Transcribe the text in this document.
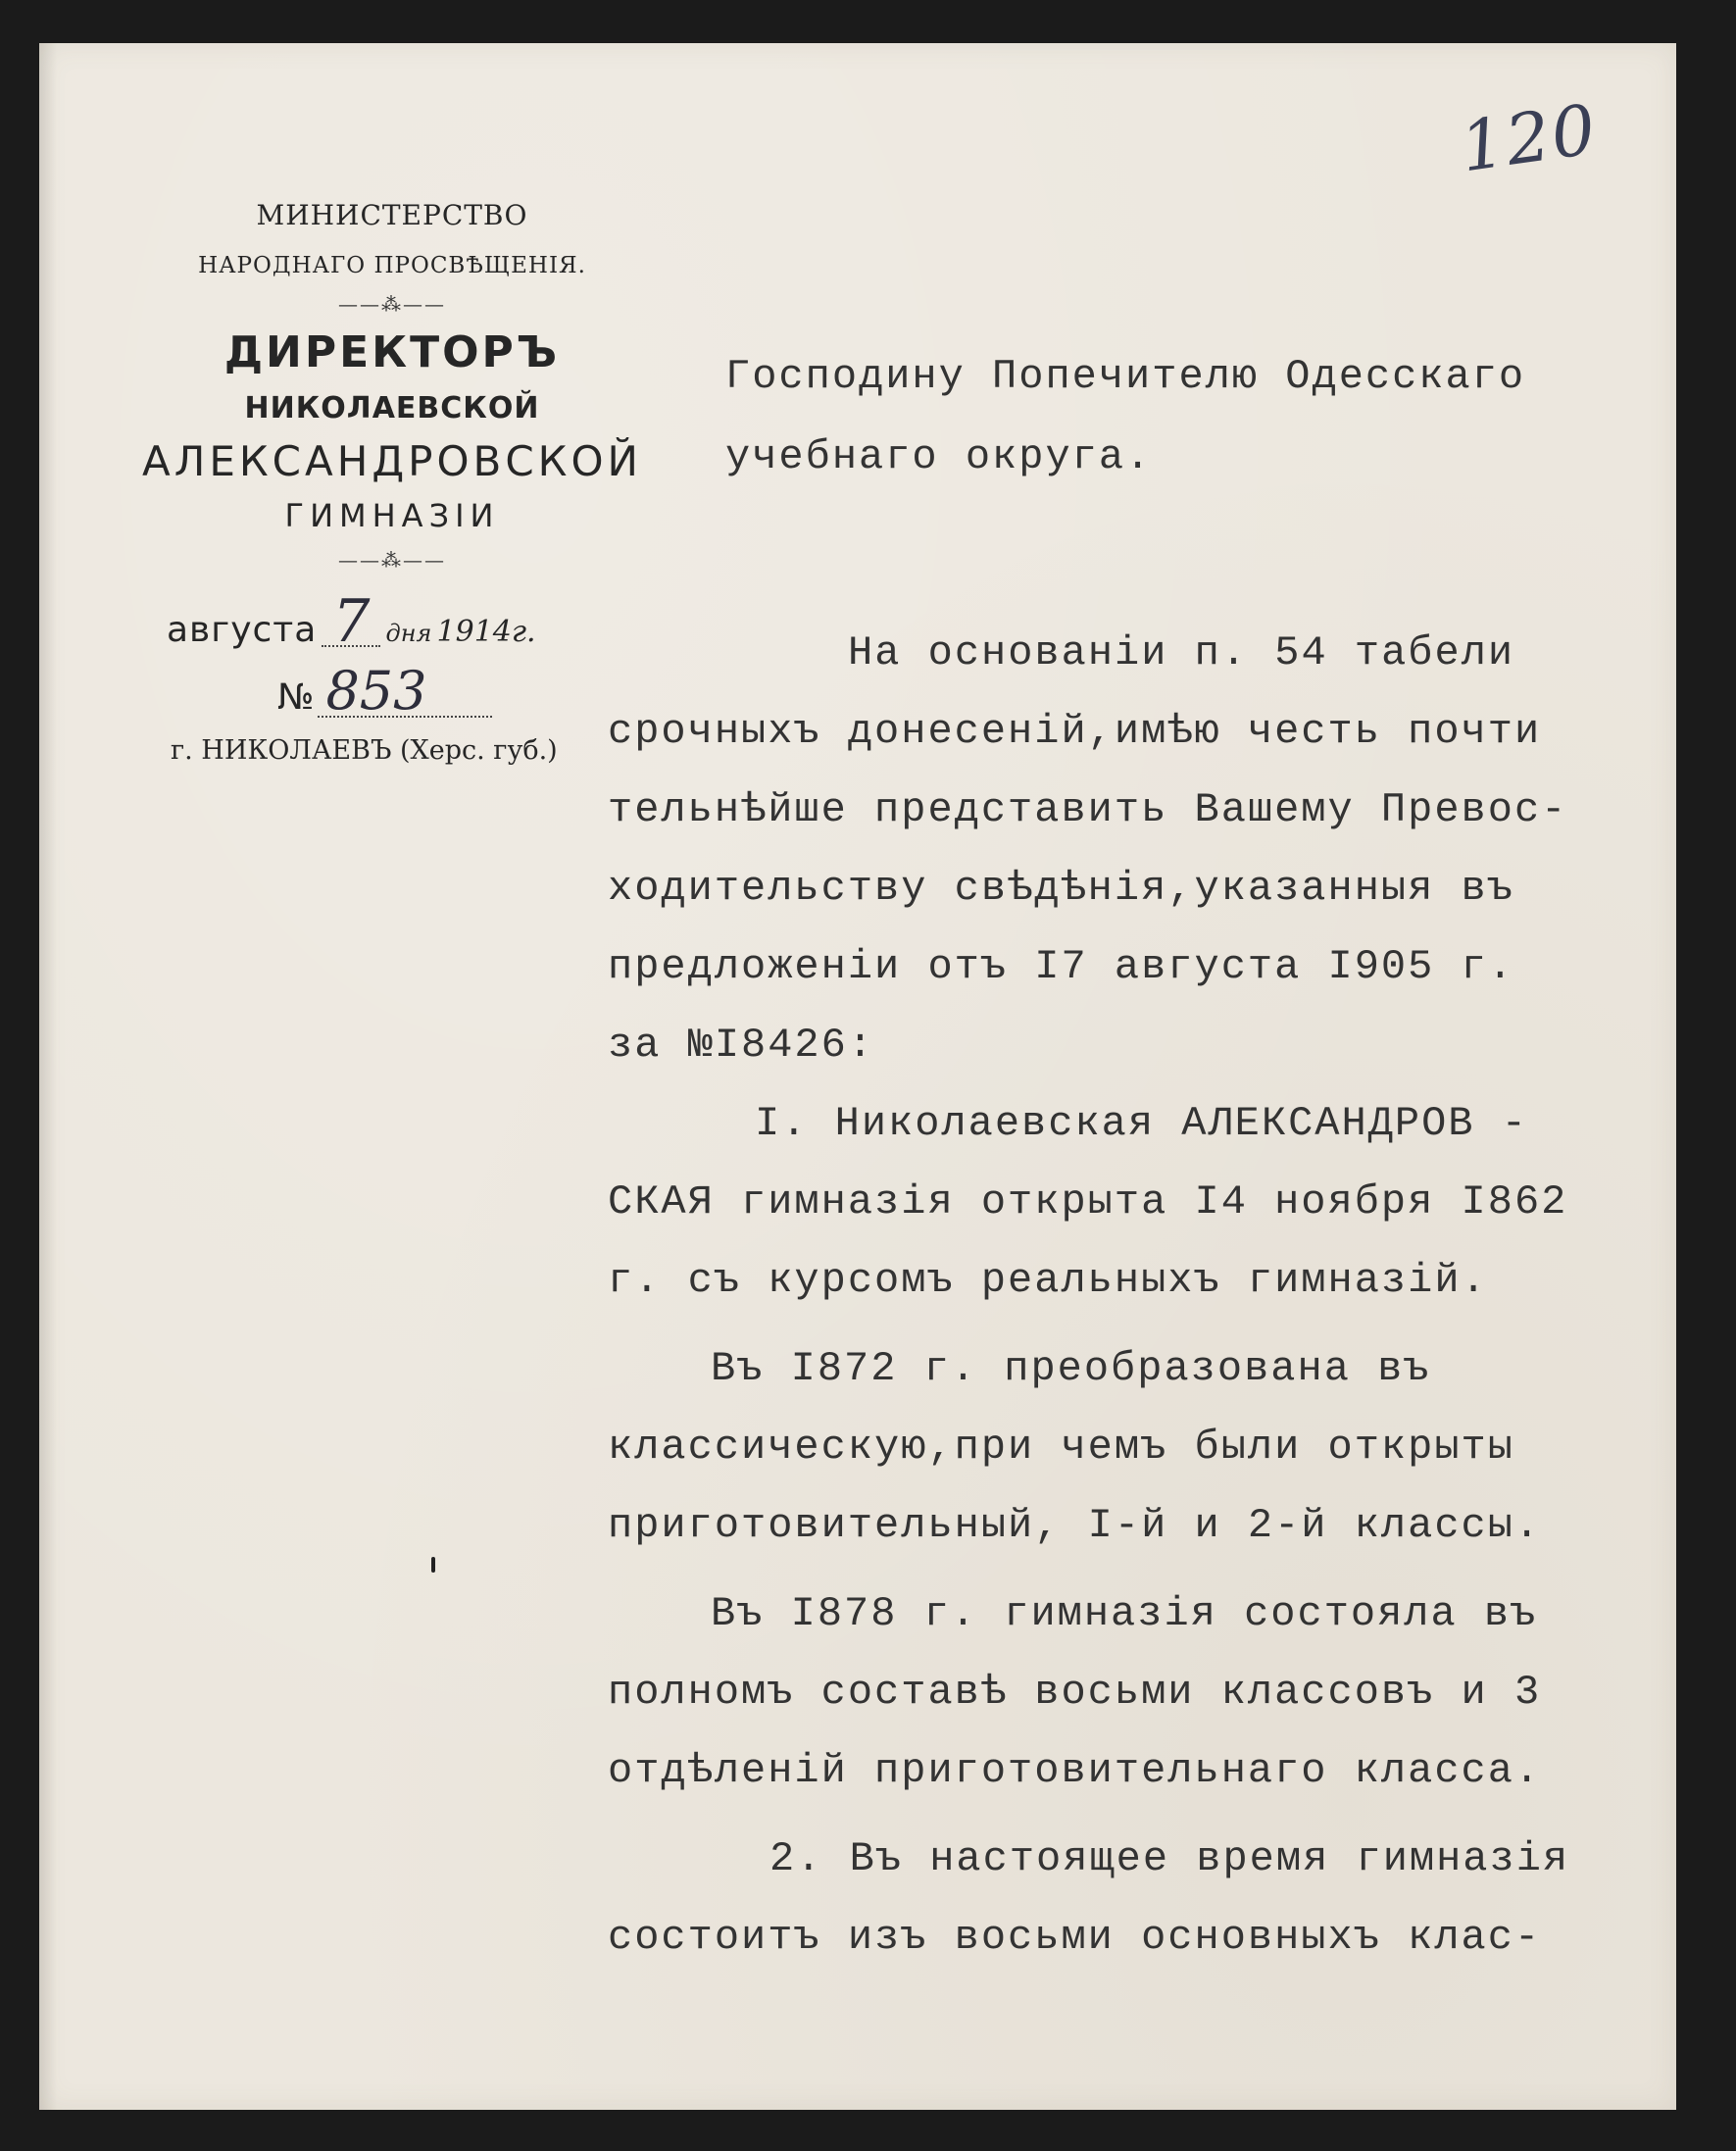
120
МИНИСТЕРСТВО
НАРОДНАГО ПРОСВѢЩЕНІЯ.
——⁂——
ДИРЕКТОРЪ
НИКОЛАЕВСКОЙ
АЛЕКСАНДРОВСКОЙ
ГИМНАЗІИ
——⁂——
августа 7 дня 1914г.
№ 853
г. НИКОЛАЕВЪ (Херс. губ.)
Господину Попечителю Одесскаго
учебнаго округа.
На основаніи п. 54 табели
срочныхъ донесеній,имѣю честь почти
тельнѣйше представить Вашему Превос-
ходительству свѣдѣнія,указанныя въ
предложеніи отъ I7 августа I905 г.
за №I8426:
I. Николаевская АЛЕКСАНДРОВ -
СКАЯ гимназія открыта I4 ноября I862
г. съ курсомъ реальныхъ гимназій.
Въ I872 г. преобразована въ
классическую,при чемъ были открыты
приготовительный, I-й и 2-й классы.
Въ I878 г. гимназія состояла въ
полномъ составѣ восьми классовъ и 3
отдѣленій приготовительнаго класса.
2. Въ настоящее время гимназія
состоитъ изъ восьми основныхъ клас-
